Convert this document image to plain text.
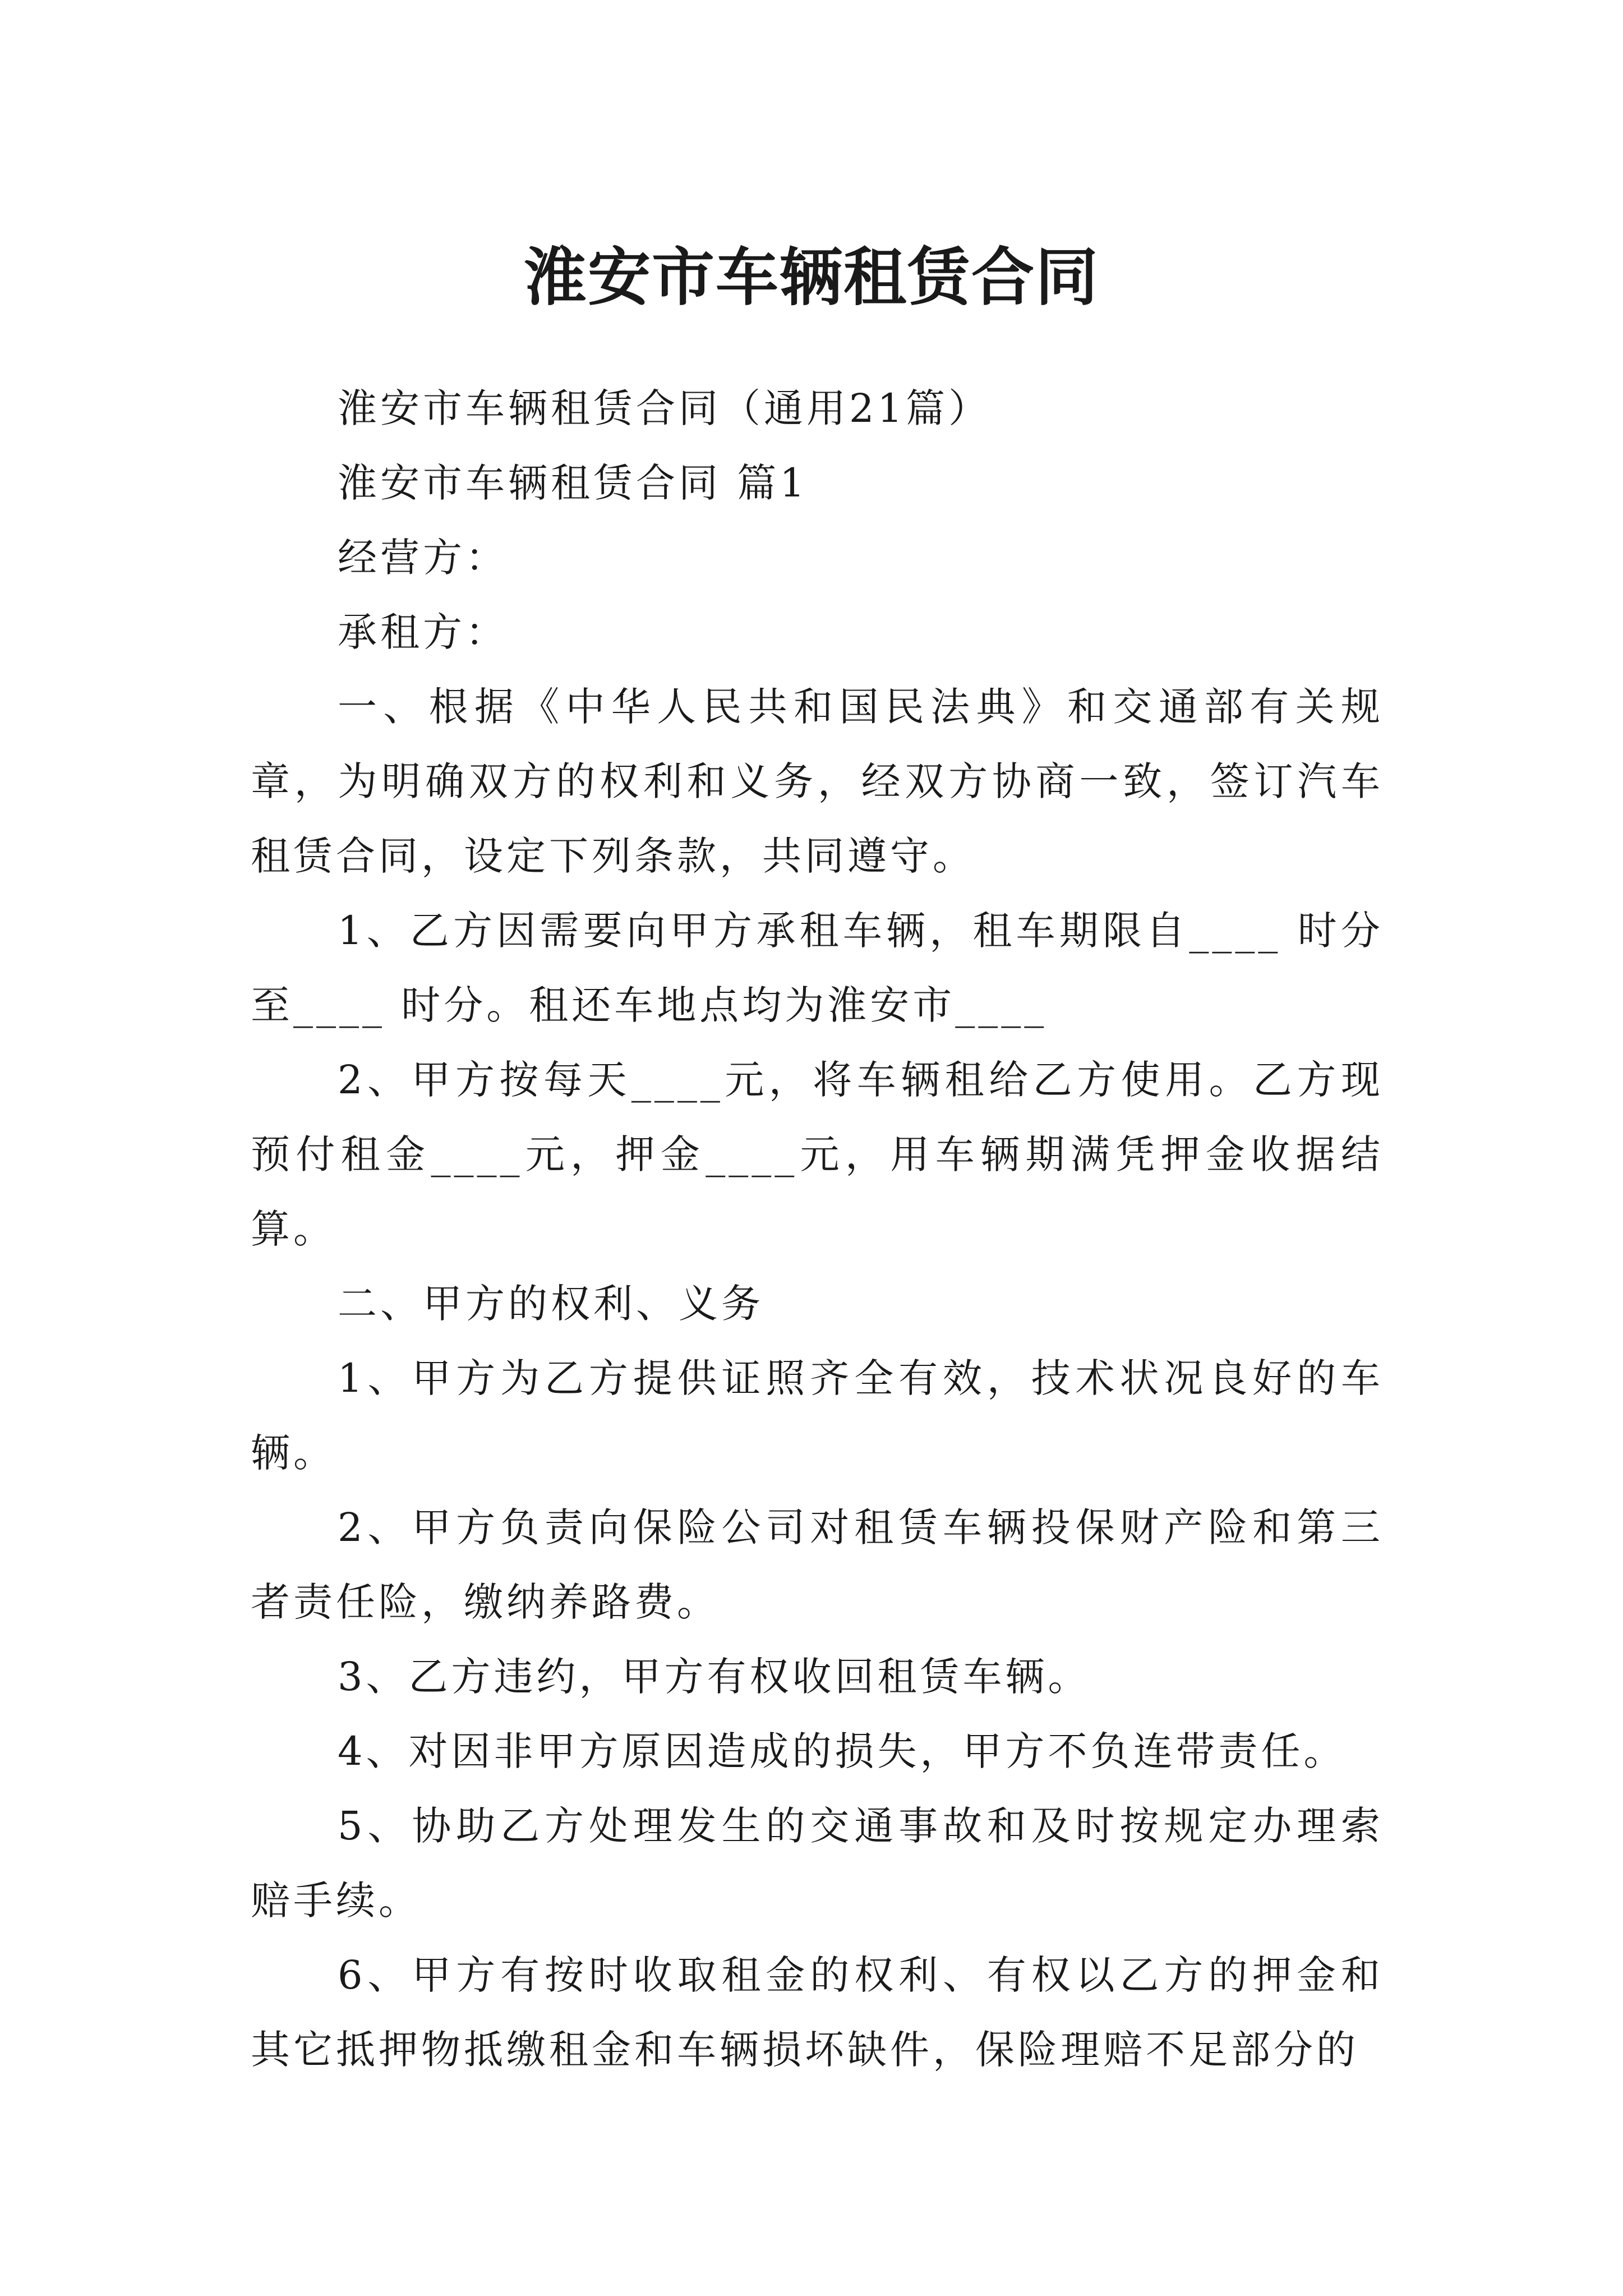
淮安市车辆租赁合同

淮安市车辆租赁合同（通用21篇）

淮安市车辆租赁合同 篇1

经营方：

承租方：

一、根据《中华人民共和国民法典》和交通部有关规章，为明确双方的权利和义务，经双方协商一致，签订汽车租赁合同，设定下列条款，共同遵守。

1、乙方因需要向甲方承租车辆，租车期限自____ 时分至____ 时分。租还车地点均为淮安市____

2、甲方按每天____元，将车辆租给乙方使用。乙方现预付租金____元，押金____元，用车辆期满凭押金收据结算。

二、甲方的权利、义务

1、甲方为乙方提供证照齐全有效，技术状况良好的车辆。

2、甲方负责向保险公司对租赁车辆投保财产险和第三者责任险，缴纳养路费。

3、乙方违约，甲方有权收回租赁车辆。

4、对因非甲方原因造成的损失，甲方不负连带责任。

5、协助乙方处理发生的交通事故和及时按规定办理索赔手续。

6、甲方有按时收取租金的权利、有权以乙方的押金和其它抵押物抵缴租金和车辆损坏缺件，保险理赔不足部分的
